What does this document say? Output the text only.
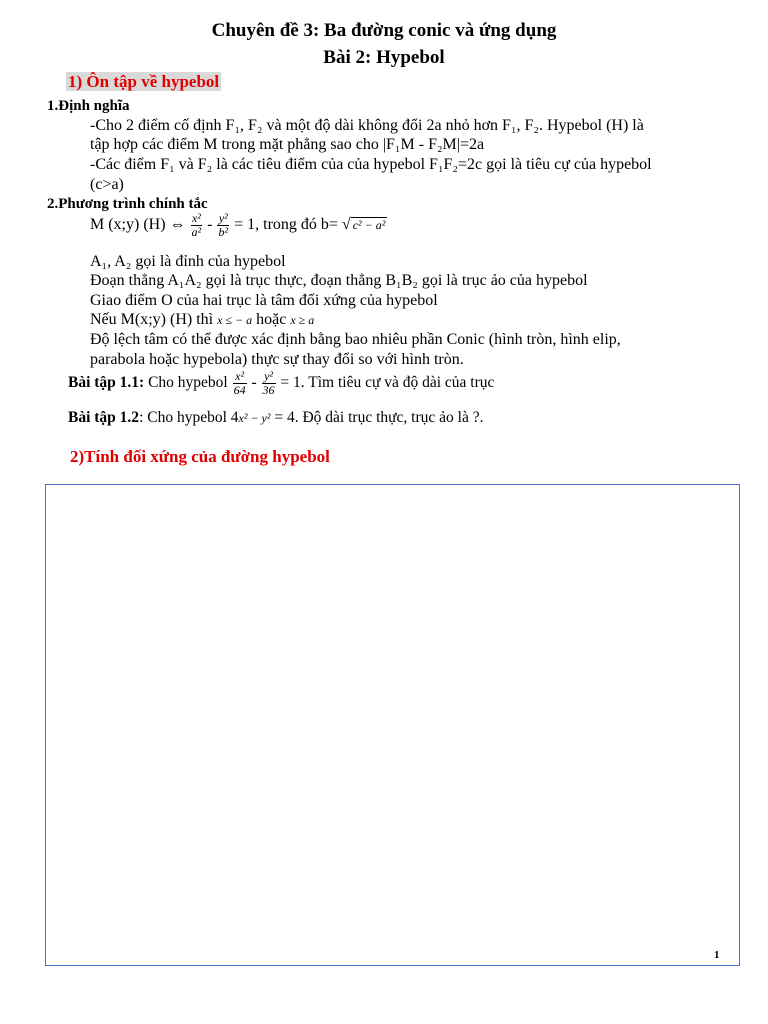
Chuyên đề 3: Ba đường conic và ứng dụng
Bài 2: Hypebol
1) Ôn tập về hypebol
1.Định nghĩa
-Cho 2 điểm cố định F₁, F₂ và một độ dài không đổi 2a nhỏ hơn F₁, F₂. Hypebol (H) là
tập hợp các điểm M trong mặt phẳng sao cho |F₁M - F₂M|=2a
-Các điểm F₁ và F₂ là các tiêu điểm của của hypebol F₁F₂=2c gọi là tiêu cự của hypebol
(c>a)
2.Phương trình chính tắc
M (x;y) (H) ⇔ $\frac{\text{x²}}{\text{a²}} - \frac{\text{y²}}{\text{b²}} = 1$, trong đó b= √ c² − a²
A₁, A₂ gọi là đỉnh của hypebol
Đoạn thẳng A₁A₂ gọi là trục thực, đoạn thẳng B₁B₂ gọi là trục ảo của hypebol
Giao điểm O của hai trục là tâm đối xứng của hypebol
Nếu M(x;y) (H) thì x ≤ − a hoặc x ≥ a
Độ lệch tâm có thể được xác định bằng bao nhiêu phần Conic (hình tròn, hình elip,
parabola hoặc hypebola) thực sự thay đổi so với hình tròn.
Bài tập 1.1: Cho hypebol $\frac{\text{x²}}{64} - \frac{\text{y²}}{36} = 1$. Tìm tiêu cự và độ dài của trục
Bài tập 1.2: Cho hypebol 4x² − y² = 4. Độ dài trục thực, trục ảo là ?.
2)Tính đối xứng của đường hypebol
1
